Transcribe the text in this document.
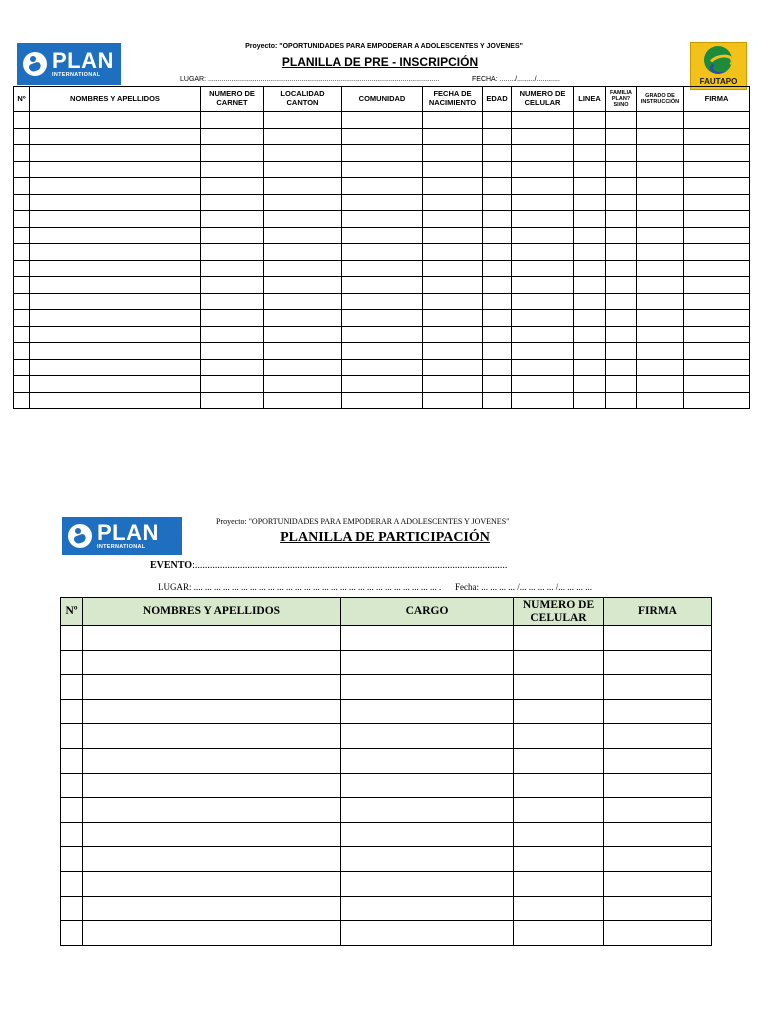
PLAN
INTERNATIONAL
FAUTAPO
Proyecto: "OPORTUNIDADES PARA EMPODERAR A ADOLESCENTES Y JOVENES"
PLANILLA DE PRE - INSCRIPCIÓN
LUGAR: .......................................................................................................................	FECHA: ......../........./............
Nº	NOMBRES Y APELLIDOS	NUMERO DE CARNET	LOCALIDAD CANTON	COMUNIDAD	FECHA DE NACIMIENTO	EDAD	NUMERO DE CELULAR	LINEA	FAMILIA PLAN? SI/NO	GRADO DE INSTRUCCIÓN	FIRMA

PLAN
INTERNATIONAL
Proyecto: "OPORTUNIDADES PARA EMPODERAR A ADOLESCENTES Y JOVENES"
PLANILLA DE PARTICIPACIÓN
EVENTO:.............................................................................................................................
LUGAR: .... ... ... ... ... ... ... ... ... ... ... ... ... ... ... ... ... ... ... ... ... ... ... ... ... ... ... . Fecha: ... ... ... ... /... ... ... ... /... ... ... ...
Nº	NOMBRES Y APELLIDOS	CARGO	NUMERO DE CELULAR	FIRMA
